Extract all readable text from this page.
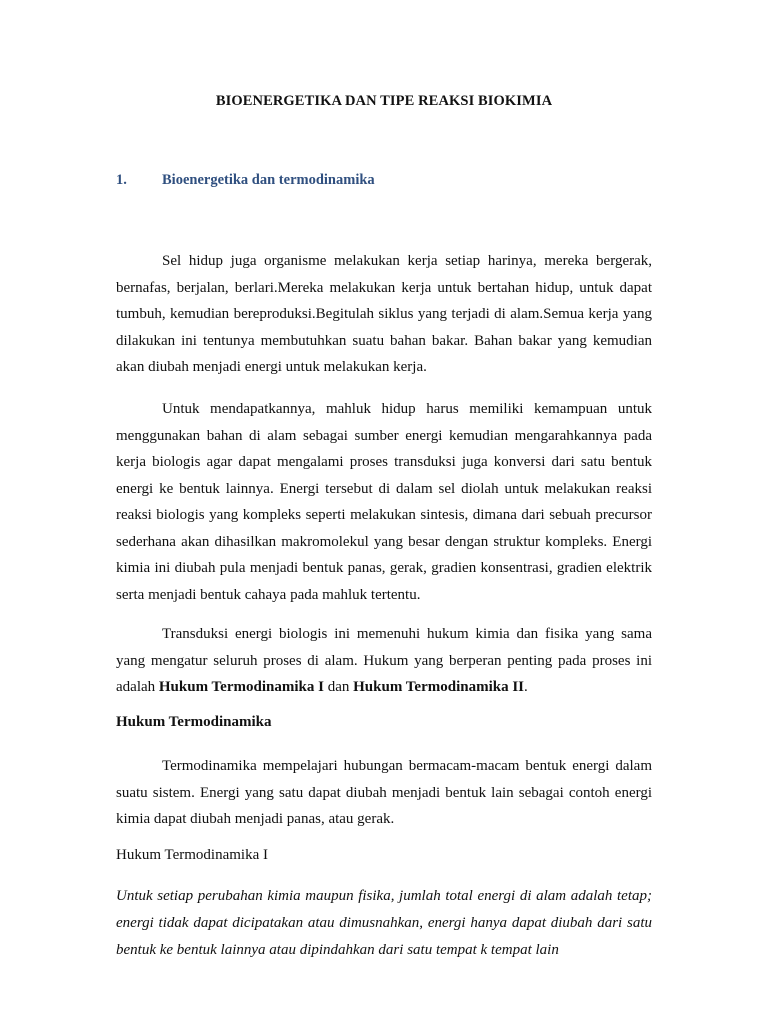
BIOENERGETIKA DAN TIPE REAKSI BIOKIMIA
1. Bioenergetika dan termodinamika

Sel hidup juga organisme melakukan kerja setiap harinya, mereka bergerak, bernafas, berjalan, berlari.Mereka melakukan kerja untuk bertahan hidup, untuk dapat tumbuh, kemudian bereproduksi.Begitulah siklus yang terjadi di alam.Semua kerja yang dilakukan ini tentunya membutuhkan suatu bahan bakar. Bahan bakar yang kemudian akan diubah menjadi energi untuk melakukan kerja.

Untuk mendapatkannya, mahluk hidup harus memiliki kemampuan untuk menggunakan bahan di alam sebagai sumber energi kemudian mengarahkannya pada kerja biologis agar dapat mengalami proses transduksi juga konversi dari satu bentuk energi ke bentuk lainnya. Energi tersebut di dalam sel diolah untuk melakukan reaksi reaksi biologis yang kompleks seperti melakukan sintesis, dimana dari sebuah precursor sederhana akan dihasilkan makromolekul yang besar dengan struktur kompleks. Energi kimia ini diubah pula menjadi bentuk panas, gerak, gradien konsentrasi, gradien elektrik serta menjadi bentuk cahaya pada mahluk tertentu.

Transduksi energi biologis ini memenuhi hukum kimia dan fisika yang sama yang mengatur seluruh proses di alam. Hukum yang berperan penting pada proses ini adalah Hukum Termodinamika I dan Hukum Termodinamika II.

Hukum Termodinamika

Termodinamika mempelajari hubungan bermacam-macam bentuk energi dalam suatu sistem. Energi yang satu dapat diubah menjadi bentuk lain sebagai contoh energi kimia dapat diubah menjadi panas, atau gerak.

Hukum Termodinamika I

Untuk setiap perubahan kimia maupun fisika, jumlah total energi di alam adalah tetap; energi tidak dapat dicipatakan atau dimusnahkan, energi hanya dapat diubah dari satu bentuk ke bentuk lainnya atau dipindahkan dari satu tempat k tempat lain
